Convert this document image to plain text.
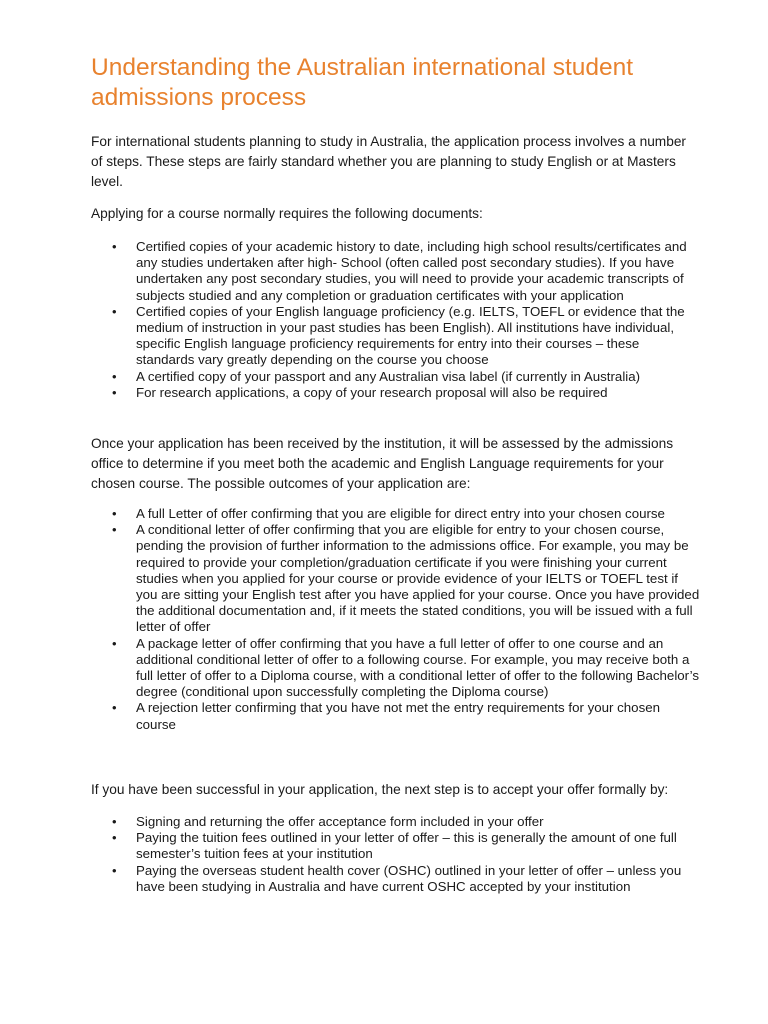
Understanding the Australian international student admissions process

For international students planning to study in Australia, the application process involves a number of steps. These steps are fairly standard whether you are planning to study English or at Masters level.

Applying for a course normally requires the following documents:

• Certified copies of your academic history to date, including high school results/certificates and any studies undertaken after high- School (often called post secondary studies). If you have undertaken any post secondary studies, you will need to provide your academic transcripts of subjects studied and any completion or graduation certificates with your application
• Certified copies of your English language proficiency (e.g. IELTS, TOEFL or evidence that the medium of instruction in your past studies has been English). All institutions have individual, specific English language proficiency requirements for entry into their courses – these standards vary greatly depending on the course you choose
• A certified copy of your passport and any Australian visa label (if currently in Australia)
• For research applications, a copy of your research proposal will also be required

Once your application has been received by the institution, it will be assessed by the admissions office to determine if you meet both the academic and English Language requirements for your chosen course. The possible outcomes of your application are:

• A full Letter of offer confirming that you are eligible for direct entry into your chosen course
• A conditional letter of offer confirming that you are eligible for entry to your chosen course, pending the provision of further information to the admissions office. For example, you may be required to provide your completion/graduation certificate if you were finishing your current studies when you applied for your course or provide evidence of your IELTS or TOEFL test if you are sitting your English test after you have applied for your course. Once you have provided the additional documentation and, if it meets the stated conditions, you will be issued with a full letter of offer
• A package letter of offer confirming that you have a full letter of offer to one course and an additional conditional letter of offer to a following course. For example, you may receive both a full letter of offer to a Diploma course, with a conditional letter of offer to the following Bachelor’s degree (conditional upon successfully completing the Diploma course)
• A rejection letter confirming that you have not met the entry requirements for your chosen course

If you have been successful in your application, the next step is to accept your offer formally by:

• Signing and returning the offer acceptance form included in your offer
• Paying the tuition fees outlined in your letter of offer – this is generally the amount of one full semester’s tuition fees at your institution
• Paying the overseas student health cover (OSHC) outlined in your letter of offer – unless you have been studying in Australia and have current OSHC accepted by your institution
